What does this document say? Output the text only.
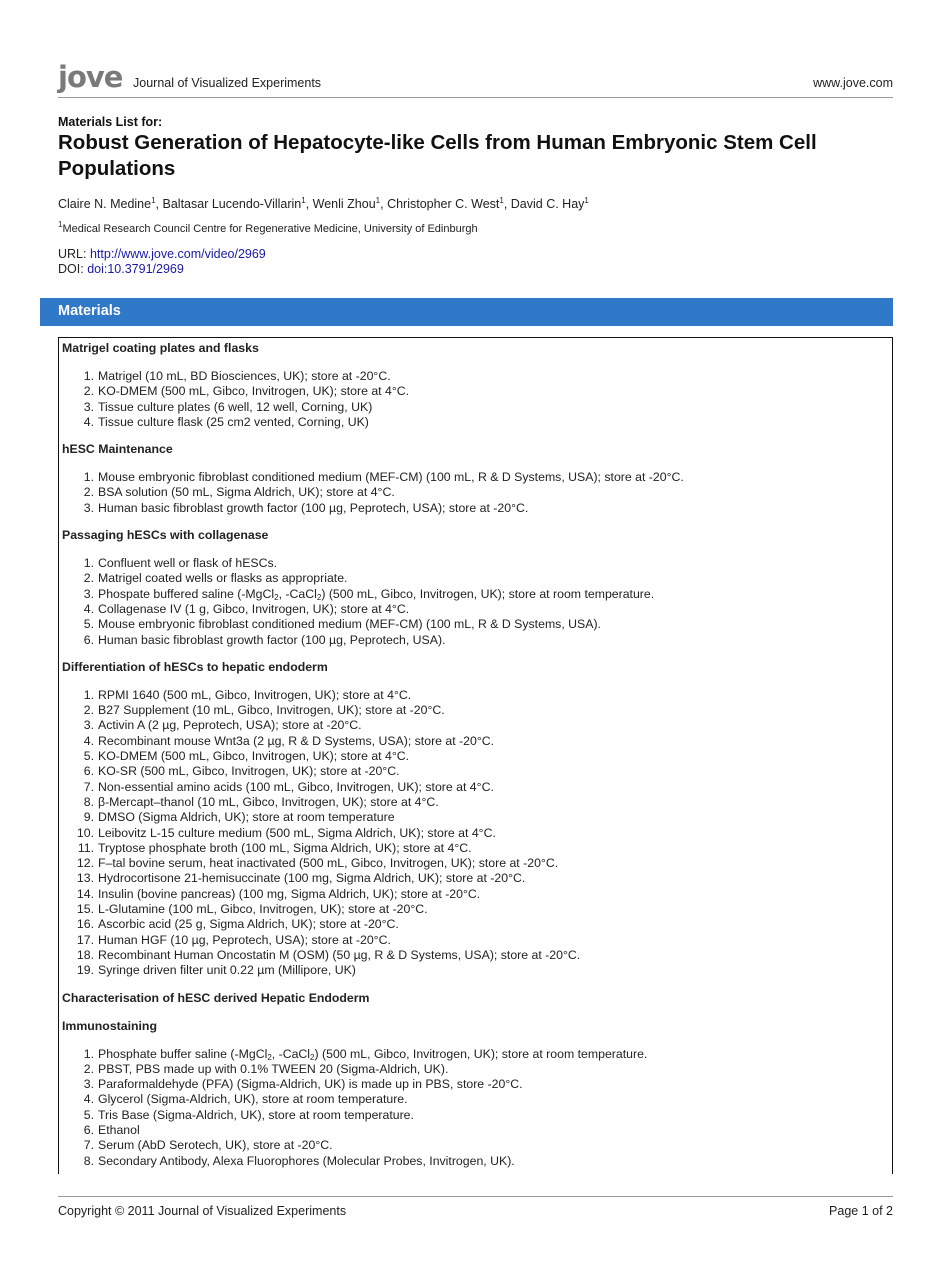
jove Journal of Visualized Experiments	www.jove.com
Materials List for:
Robust Generation of Hepatocyte-like Cells from Human Embryonic Stem Cell Populations
Claire N. Medine$^1$, Baltasar Lucendo-Villarin$^1$, Wenli Zhou$^1$, Christopher C. West$^1$, David C. Hay$^1$
$^1$Medical Research Council Centre for Regenerative Medicine, University of Edinburgh
URL: http://www.jove.com/video/2969
DOI: doi:10.3791/2969
Materials
Matrigel coating plates and flasks
1. Matrigel (10 mL, BD Biosciences, UK); store at -20°C.
2. KO-DMEM (500 mL, Gibco, Invitrogen, UK); store at 4°C.
3. Tissue culture plates (6 well, 12 well, Corning, UK)
4. Tissue culture flask (25 cm2 vented, Corning, UK)
hESC Maintenance
1. Mouse embryonic fibroblast conditioned medium (MEF-CM) (100 mL, R & D Systems, USA); store at -20°C.
2. BSA solution (50 mL, Sigma Aldrich, UK); store at 4°C.
3. Human basic fibroblast growth factor (100 µg, Peprotech, USA); store at -20°C.
Passaging hESCs with collagenase
1. Confluent well or flask of hESCs.
2. Matrigel coated wells or flasks as appropriate.
3. Phospate buffered saline (-MgCl$_2$, -CaCl$_2$) (500 mL, Gibco, Invitrogen, UK); store at room temperature.
4. Collagenase IV (1 g, Gibco, Invitrogen, UK); store at 4°C.
5. Mouse embryonic fibroblast conditioned medium (MEF-CM) (100 mL, R & D Systems, USA).
6. Human basic fibroblast growth factor (100 µg, Peprotech, USA).
Differentiation of hESCs to hepatic endoderm
1. RPMI 1640 (500 mL, Gibco, Invitrogen, UK); store at 4°C.
2. B27 Supplement (10 mL, Gibco, Invitrogen, UK); store at -20°C.
3. Activin A (2 µg, Peprotech, USA); store at -20°C.
4. Recombinant mouse Wnt3a (2 µg, R & D Systems, USA); store at -20°C.
5. KO-DMEM (500 mL, Gibco, Invitrogen, UK); store at 4°C.
6. KO-SR (500 mL, Gibco, Invitrogen, UK); store at -20°C.
7. Non-essential amino acids (100 mL, Gibco, Invitrogen, UK); store at 4°C.
8. β-Mercapt–thanol (10 mL, Gibco, Invitrogen, UK); store at 4°C.
9. DMSO (Sigma Aldrich, UK); store at room temperature
10. Leibovitz L-15 culture medium (500 mL, Sigma Aldrich, UK); store at 4°C.
11. Tryptose phosphate broth (100 mL, Sigma Aldrich, UK); store at 4°C.
12. F–tal bovine serum, heat inactivated (500 mL, Gibco, Invitrogen, UK); store at -20°C.
13. Hydrocortisone 21-hemisuccinate (100 mg, Sigma Aldrich, UK); store at -20°C.
14. Insulin (bovine pancreas) (100 mg, Sigma Aldrich, UK); store at -20°C.
15. L-Glutamine (100 mL, Gibco, Invitrogen, UK); store at -20°C.
16. Ascorbic acid (25 g, Sigma Aldrich, UK); store at -20°C.
17. Human HGF (10 µg, Peprotech, USA); store at -20°C.
18. Recombinant Human Oncostatin M (OSM) (50 µg, R & D Systems, USA); store at -20°C.
19. Syringe driven filter unit 0.22 µm (Millipore, UK)
Characterisation of hESC derived Hepatic Endoderm
Immunostaining
1. Phosphate buffer saline (-MgCl$_2$, -CaCl$_2$) (500 mL, Gibco, Invitrogen, UK); store at room temperature.
2. PBST, PBS made up with 0.1% TWEEN 20 (Sigma-Aldrich, UK).
3. Paraformaldehyde (PFA) (Sigma-Aldrich, UK) is made up in PBS, store -20°C.
4. Glycerol (Sigma-Aldrich, UK), store at room temperature.
5. Tris Base (Sigma-Aldrich, UK), store at room temperature.
6. Ethanol
7. Serum (AbD Serotech, UK), store at -20°C.
8. Secondary Antibody, Alexa Fluorophores (Molecular Probes, Invitrogen, UK).
Copyright © 2011 Journal of Visualized Experiments	Page 1 of 2
